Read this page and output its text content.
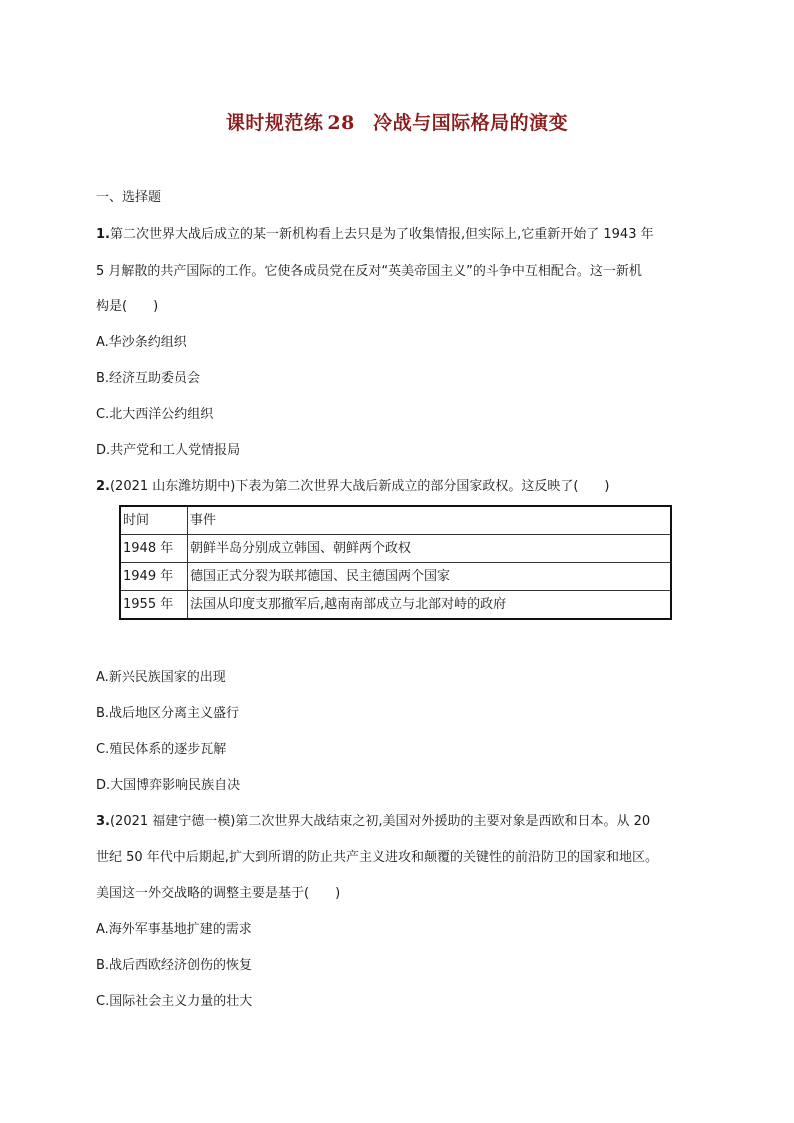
课时规范练 28 冷战与国际格局的演变
一、选择题
1.第二次世界大战后成立的某一新机构看上去只是为了收集情报,但实际上,它重新开始了 1943 年
5 月解散的共产国际的工作。它使各成员党在反对“英美帝国主义”的斗争中互相配合。这一新机
构是(　　)
A.华沙条约组织
B.经济互助委员会
C.北大西洋公约组织
D.共产党和工人党情报局
2.(2021 山东潍坊期中)下表为第二次世界大战后新成立的部分国家政权。这反映了(　　)
时间	事件
1948 年	朝鲜半岛分别成立韩国、朝鲜两个政权
1949 年	德国正式分裂为联邦德国、民主德国两个国家
1955 年	法国从印度支那撤军后,越南南部成立与北部对峙的政府
A.新兴民族国家的出现
B.战后地区分离主义盛行
C.殖民体系的逐步瓦解
D.大国博弈影响民族自决
3.(2021 福建宁德一模)第二次世界大战结束之初,美国对外援助的主要对象是西欧和日本。从 20
世纪 50 年代中后期起,扩大到所谓的防止共产主义进攻和颠覆的关键性的前沿防卫的国家和地区。
美国这一外交战略的调整主要是基于(　　)
A.海外军事基地扩建的需求
B.战后西欧经济创伤的恢复
C.国际社会主义力量的壮大
